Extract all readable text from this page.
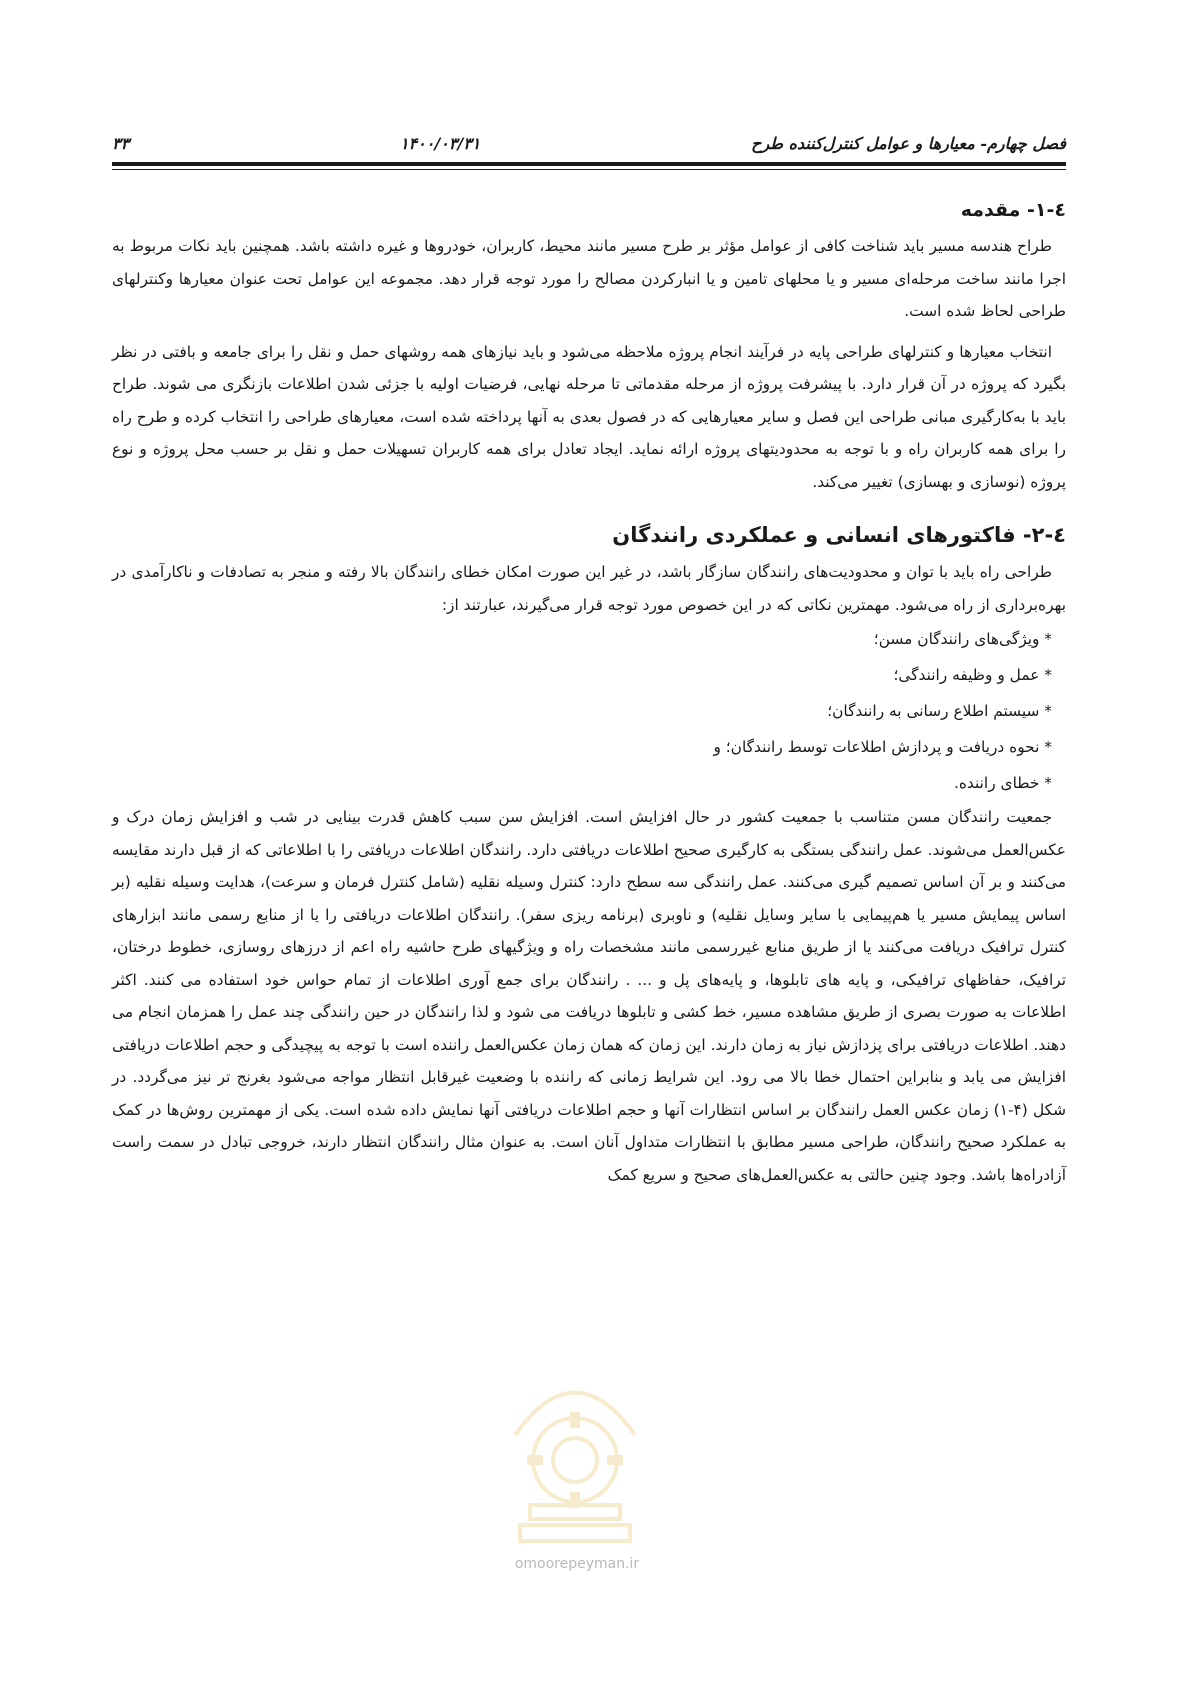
فصل چهارم- معیارها و عوامل کنترل‌کننده طرح
۱۴۰۰/۰۳/۳۱
۳۳
٤-١- مقدمه

طراح هندسه مسیر باید شناخت کافی از عوامل مؤثر بر طرح مسیر مانند محیط، کاربران، خودروها و غیره داشته باشد. همچنین باید نکات مربوط به اجرا مانند ساخت مرحله‌ای مسیر و یا محلهای تامین و یا انبارکردن مصالح را مورد توجه قرار دهد. مجموعه این عوامل تحت عنوان معیارها وکنترلهای طراحی لحاظ شده است.

انتخاب معیارها و کنترلهای طراحی پایه در فرآیند انجام پروژه ملاحظه می‌شود و باید نیازهای همه روشهای حمل و نقل را برای جامعه و بافتی در نظر بگیرد که پروژه در آن قرار دارد. با پیشرفت پروژه از مرحله مقدماتی تا مرحله نهایی، فرضیات اولیه با جزئی شدن اطلاعات بازنگری می شوند. طراح باید با به‌کارگیری مبانی طراحی این فصل و سایر معیارهایی که در فصول بعدی به آنها پرداخته شده است، معیارهای طراحی را انتخاب کرده و طرح راه را برای همه کاربران راه و با توجه به محدودیتهای پروژه ارائه نماید. ایجاد تعادل برای همه کاربران تسهیلات حمل و نقل بر حسب محل پروژه و نوع پروژه (نوسازی و بهسازی) تغییر می‌کند.

٤-٢- فاکتورهای انسانی و عملکردی رانندگان

طراحی راه باید با توان و محدودیت‌های رانندگان سازگار باشد، در غیر این صورت امکان خطای رانندگان بالا رفته و منجر به تصادفات و ناکارآمدی در بهره‌برداری از راه می‌شود. مهمترین نکاتی که در این خصوص مورد توجه قرار می‌گیرند، عبارتند از:

* ویژگی‌های رانندگان مسن؛
* عمل و وظیفه رانندگی؛
* سیستم اطلاع رسانی به رانندگان؛
* نحوه دریافت و پردازش اطلاعات توسط رانندگان؛ و
* خطای راننده.

جمعیت رانندگان مسن متناسب با جمعیت کشور در حال افزایش است. افزایش سن سبب کاهش قدرت بینایی در شب و افزایش زمان درک و عکس‌العمل می‌شوند. عمل رانندگی بستگی به کارگیری صحیح اطلاعات دریافتی دارد. رانندگان اطلاعات دریافتی را با اطلاعاتی که از قبل دارند مقایسه می‌کنند و بر آن اساس تصمیم گیری می‌کنند. عمل رانندگی سه سطح دارد: کنترل وسیله نقلیه (شامل کنترل فرمان و سرعت)، هدایت وسیله نقلیه (بر اساس پیمایش مسیر یا هم‌پیمایی با سایر وسایل نقلیه) و ناوبری (برنامه ریزی سفر). رانندگان اطلاعات دریافتی را یا از منابع رسمی مانند ابزارهای کنترل ترافیک دریافت می‌کنند یا از طریق منابع غیررسمی مانند مشخصات راه و ویژگیهای طرح حاشیه راه اعم از درزهای روسازی، خطوط درختان، ترافیک، حفاظهای ترافیکی، و پایه های تابلوها، و پایه‌های پل و ... . رانندگان برای جمع آوری اطلاعات از تمام حواس خود استفاده می کنند. اکثر اطلاعات به صورت بصری از طریق مشاهده مسیر، خط کشی و تابلوها دریافت می شود و لذا رانندگان در حین رانندگی چند عمل را همزمان انجام می دهند. اطلاعات دریافتی برای پزدازش نیاز به زمان دارند. این زمان که همان زمان عکس‌العمل راننده است با توجه به پیچیدگی و حجم اطلاعات دریافتی افزایش می یابد و بنابراین احتمال خطا بالا می رود. این شرایط زمانی که راننده با وضعیت غیرقابل انتظار مواجه می‌شود بغرنج تر نیز می‌گردد. در شکل (۴-۱) زمان عکس العمل رانندگان بر اساس انتظارات آنها و حجم اطلاعات دریافتی آنها نمایش داده شده است. یکی از مهمترین روش‌ها در کمک به عملکرد صحیح رانندگان، طراحی مسیر مطابق با انتظارات متداول آنان است. به عنوان مثال رانندگان انتظار دارند، خروجی تبادل در سمت راست آزادراه‌ها باشد. وجود چنین حالتی به عکس‌العمل‌های صحیح و سریع کمک

omoorepeyman.ir
